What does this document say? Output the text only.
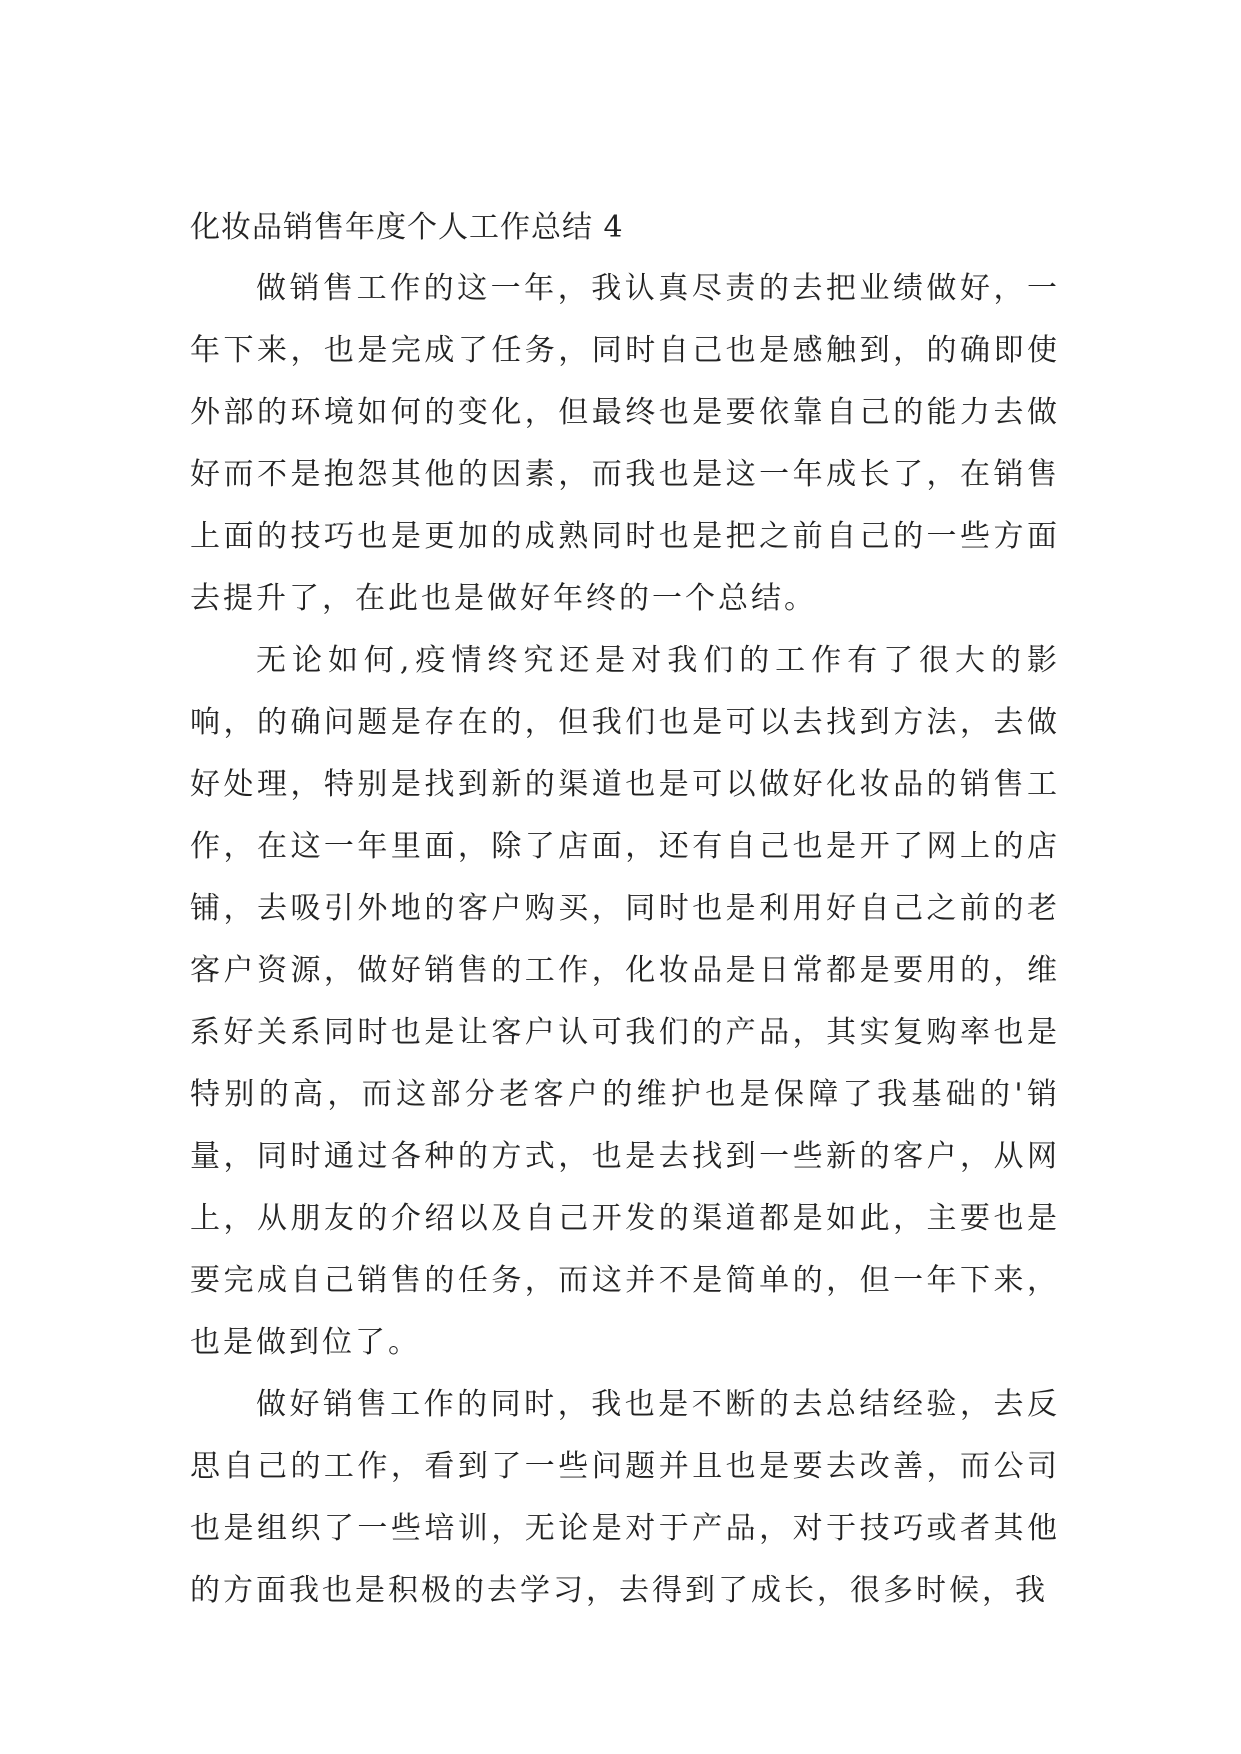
化妆品销售年度个人工作总结 4

做销售工作的这一年，我认真尽责的去把业绩做好，一年下来，也是完成了任务，同时自己也是感触到，的确即使外部的环境如何的变化，但最终也是要依靠自己的能力去做好而不是抱怨其他的因素，而我也是这一年成长了，在销售上面的技巧也是更加的成熟同时也是把之前自己的一些方面去提升了，在此也是做好年终的一个总结。

无论如何,疫情终究还是对我们的工作有了很大的影响，的确问题是存在的，但我们也是可以去找到方法，去做好处理，特别是找到新的渠道也是可以做好化妆品的销售工作，在这一年里面，除了店面，还有自己也是开了网上的店铺，去吸引外地的客户购买，同时也是利用好自己之前的老客户资源，做好销售的工作，化妆品是日常都是要用的，维系好关系同时也是让客户认可我们的产品，其实复购率也是特别的高，而这部分老客户的维护也是保障了我基础的'销量，同时通过各种的方式，也是去找到一些新的客户，从网上，从朋友的介绍以及自己开发的渠道都是如此，主要也是要完成自己销售的任务，而这并不是简单的，但一年下来，也是做到位了。

做好销售工作的同时，我也是不断的去总结经验，去反思自己的工作，看到了一些问题并且也是要去改善，而公司也是组织了一些培训，无论是对于产品，对于技巧或者其他的方面我也是积极的去学习，去得到了成长，很多时候，我
